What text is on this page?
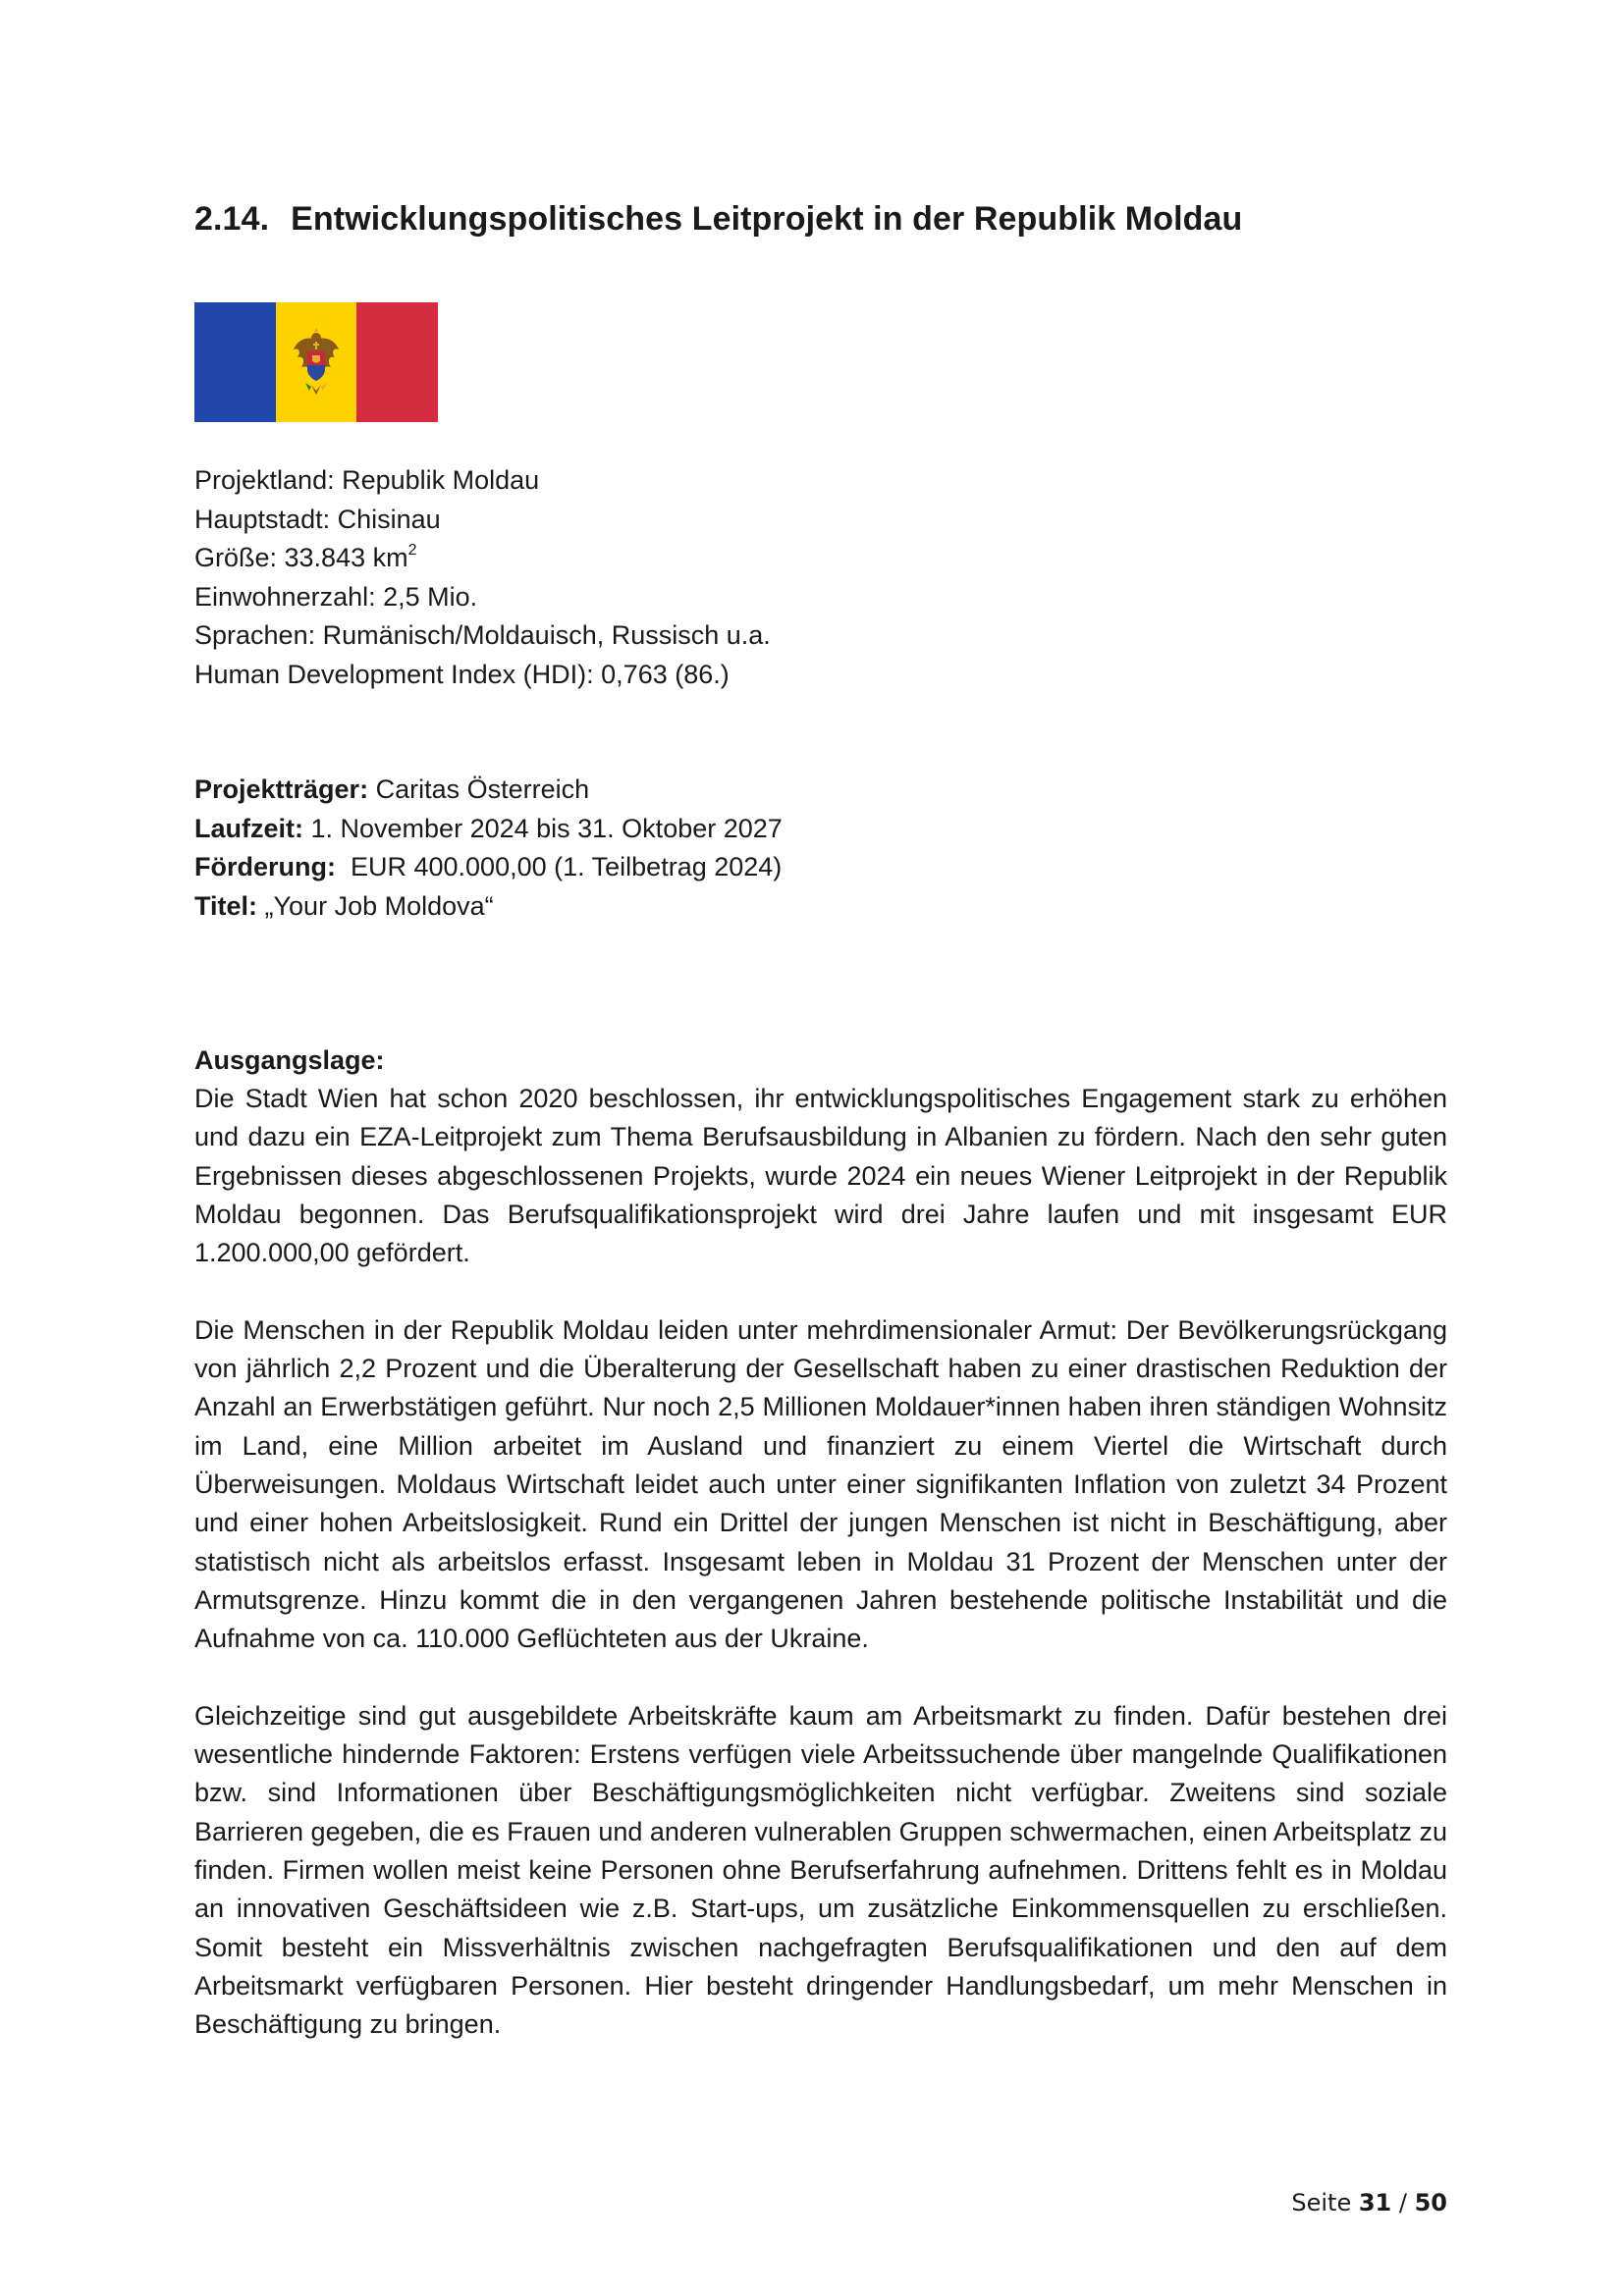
2.14. Entwicklungspolitisches Leitprojekt in der Republik Moldau
Projektland: Republik Moldau
Hauptstadt: Chisinau
Größe: 33.843 $km^2$
Einwohnerzahl: 2,5 Mio.
Sprachen: Rumänisch/Moldauisch, Russisch u.a.
Human Development Index (HDI): 0,763 (86.)
Projektträger: Caritas Österreich
Laufzeit: 1. November 2024 bis 31. Oktober 2027
Förderung:  EUR 400.000,00 (1. Teilbetrag 2024)
Titel: „Your Job Moldova“
Ausgangslage:

Die Stadt Wien hat schon 2020 beschlossen, ihr entwicklungspolitisches Engagement stark zu erhöhen und dazu ein EZA-Leitprojekt zum Thema Berufsausbildung in Albanien zu fördern. Nach den sehr guten Ergebnissen dieses abgeschlossenen Projekts, wurde 2024 ein neues Wiener Leitprojekt in der Republik Moldau begonnen. Das Berufsqualifikationsprojekt wird drei Jahre laufen und mit insgesamt EUR 1.200.000,00 gefördert.

Die Menschen in der Republik Moldau leiden unter mehrdimensionaler Armut: Der Bevölkerungsrückgang von jährlich 2,2 Prozent und die Überalterung der Gesellschaft haben zu einer drastischen Reduktion der Anzahl an Erwerbstätigen geführt. Nur noch 2,5 Millionen Moldauer*innen haben ihren ständigen Wohnsitz im Land, eine Million arbeitet im Ausland und finanziert zu einem Viertel die Wirtschaft durch Überweisungen. Moldaus Wirtschaft leidet auch unter einer signifikanten Inflation von zuletzt 34 Prozent und einer hohen Arbeitslosigkeit. Rund ein Drittel der jungen Menschen ist nicht in Beschäftigung, aber statistisch nicht als arbeitslos erfasst. Insgesamt leben in Moldau 31 Prozent der Menschen unter der Armutsgrenze. Hinzu kommt die in den vergangenen Jahren bestehende politische Instabilität und die Aufnahme von ca. 110.000 Geflüchteten aus der Ukraine.

Gleichzeitige sind gut ausgebildete Arbeitskräfte kaum am Arbeitsmarkt zu finden. Dafür bestehen drei wesentliche hindernde Faktoren: Erstens verfügen viele Arbeitssuchende über mangelnde Qualifikationen bzw. sind Informationen über Beschäftigungsmöglichkeiten nicht verfügbar. Zweitens sind soziale Barrieren gegeben, die es Frauen und anderen vulnerablen Gruppen schwermachen, einen Arbeitsplatz zu finden. Firmen wollen meist keine Personen ohne Berufserfahrung aufnehmen. Drittens fehlt es in Moldau an innovativen Geschäftsideen wie z.B. Start-ups, um zusätzliche Einkommensquellen zu erschließen. Somit besteht ein Missverhältnis zwischen nachgefragten Berufsqualifikationen und den auf dem Arbeitsmarkt verfügbaren Personen. Hier besteht dringender Handlungsbedarf, um mehr Menschen in Beschäftigung zu bringen.

Seite 31 / 50
